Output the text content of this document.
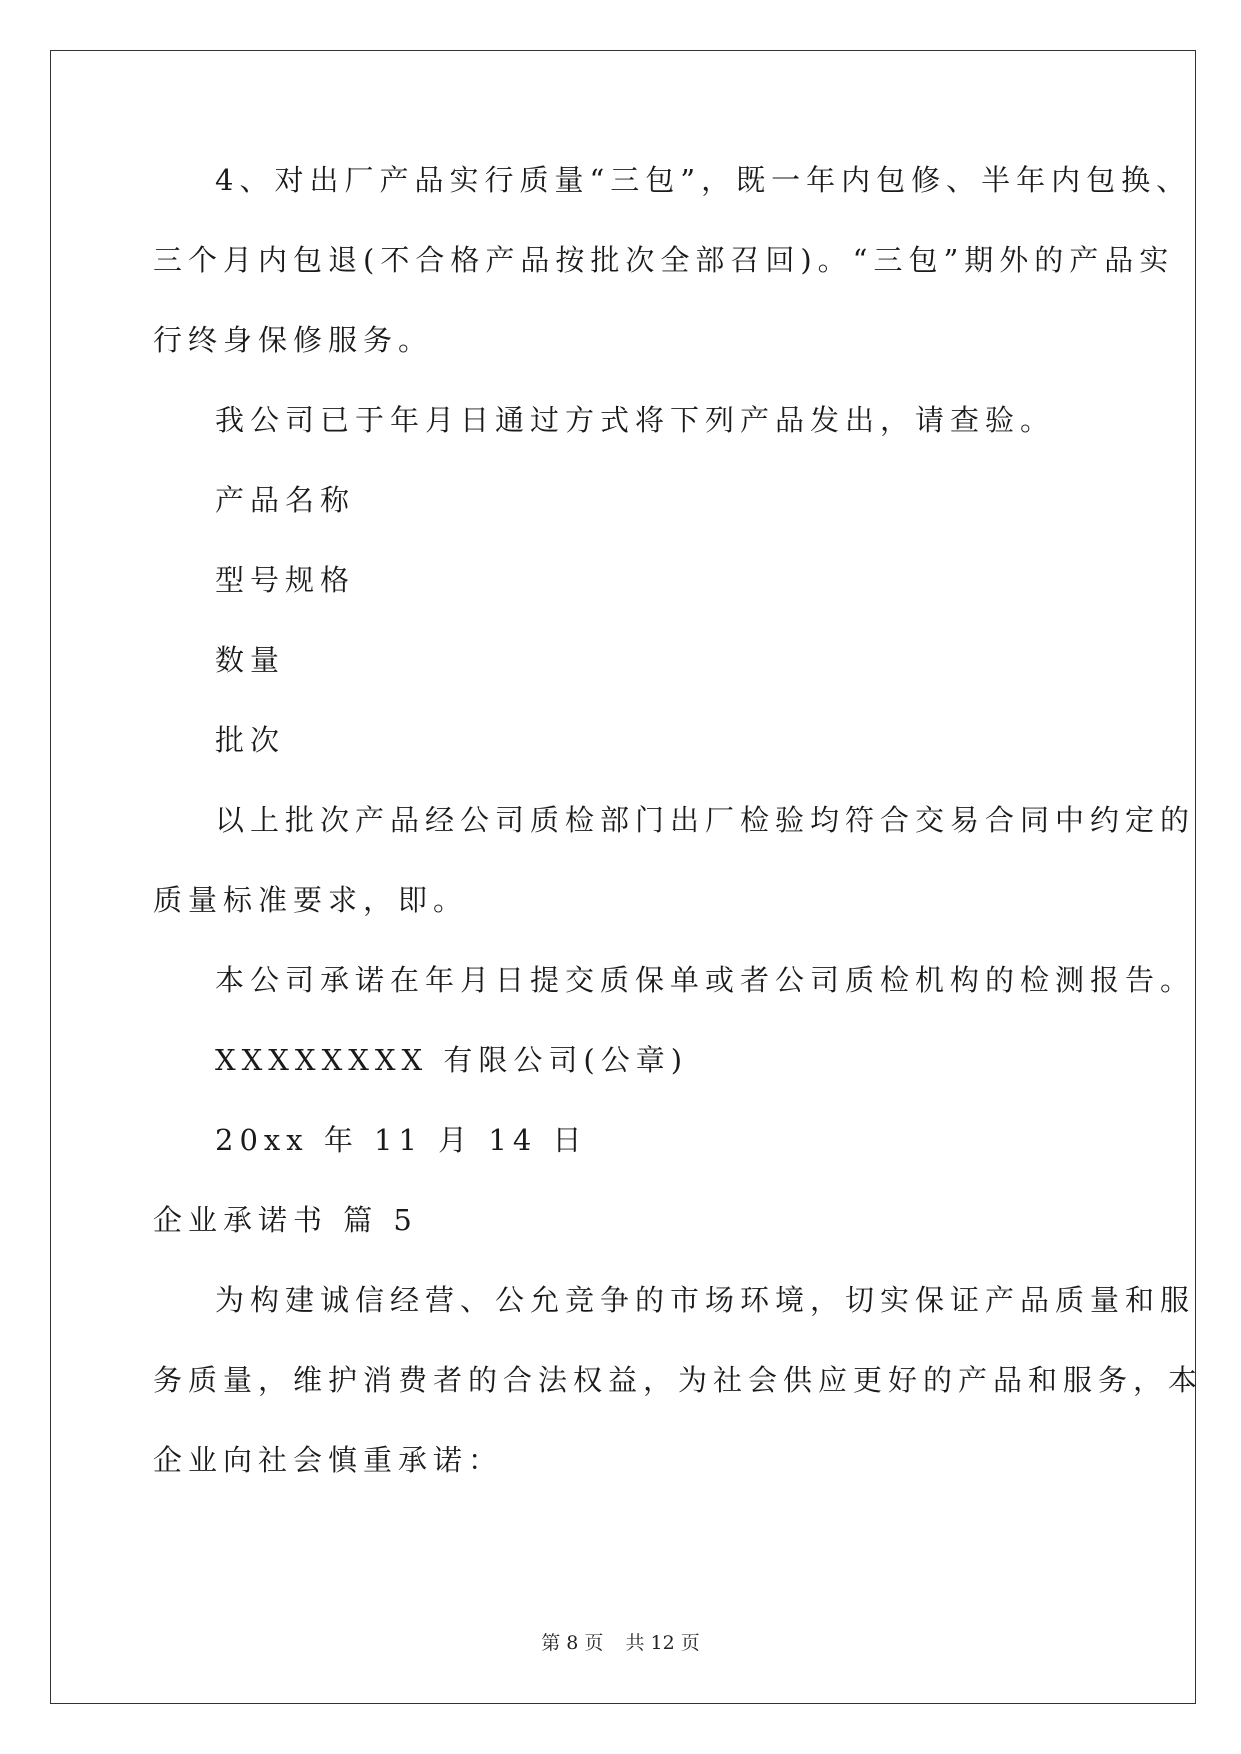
4、对出厂产品实行质量“三包”，既一年内包修、半年内包换、
三个月内包退(不合格产品按批次全部召回)。“三包”期外的产品实
行终身保修服务。
我公司已于年月日通过方式将下列产品发出，请查验。
产品名称
型号规格
数量
批次
以上批次产品经公司质检部门出厂检验均符合交易合同中约定的
质量标准要求，即。
本公司承诺在年月日提交质保单或者公司质检机构的检测报告。
XXXXXXXX 有限公司(公章)
20xx 年 11 月 14 日
企业承诺书 篇 5
为构建诚信经营、公允竞争的市场环境，切实保证产品质量和服
务质量，维护消费者的合法权益，为社会供应更好的产品和服务，本
企业向社会慎重承诺：
第 8 页 共 12 页
